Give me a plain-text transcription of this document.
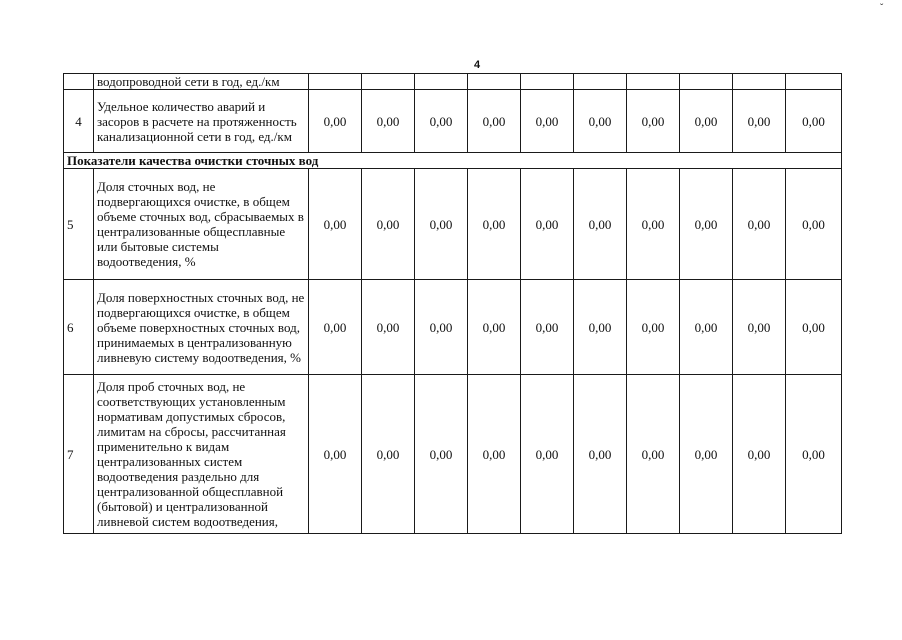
4
ˇ
	водопроводной сети в год, ед./км										
4	Удельное количество аварий и засоров в расчете на протяженность канализационной сети в год, ед./км	0,00	0,00	0,00	0,00	0,00	0,00	0,00	0,00	0,00	0,00
Показатели качества очистки сточных вод											
5	Доля сточных вод, не подвергающихся очистке, в общем объеме сточных вод, сбрасываемых в централизованные общесплавные или бытовые системы водоотведения, %	0,00	0,00	0,00	0,00	0,00	0,00	0,00	0,00	0,00	0,00
6	Доля поверхностных сточных вод, не подвергающихся очистке, в общем объеме поверхностных сточных вод, принимаемых в централизованную ливневую систему водоотведения, %	0,00	0,00	0,00	0,00	0,00	0,00	0,00	0,00	0,00	0,00
7	Доля проб сточных вод, не соответствующих установленным нормативам допустимых сбросов, лимитам на сбросы, рассчитанная применительно к видам централизованных систем водоотведения раздельно для централизованной общесплавной (бытовой) и централизованной ливневой систем водоотведения,	0,00	0,00	0,00	0,00	0,00	0,00	0,00	0,00	0,00	0,00
